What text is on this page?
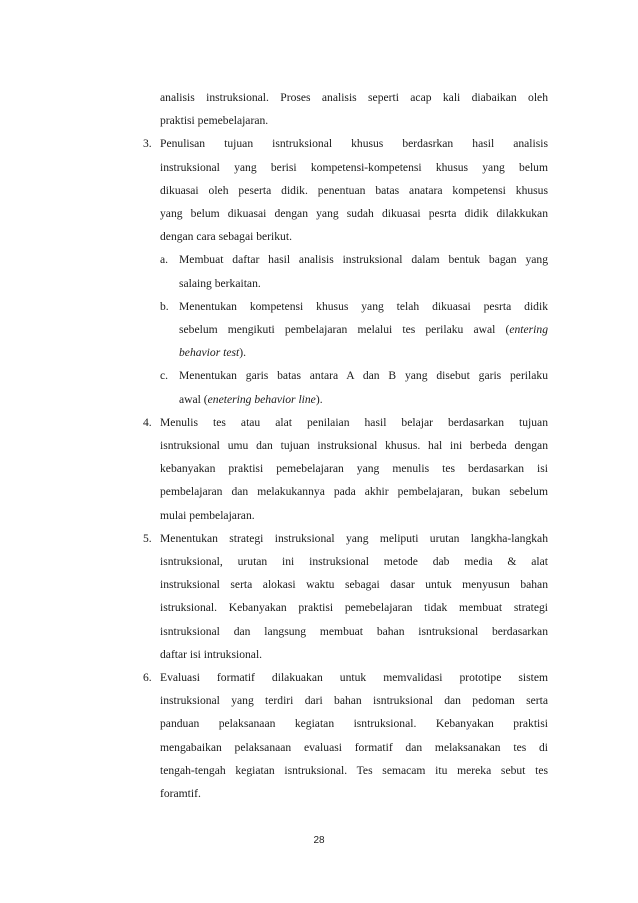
analisis instruksional. Proses analisis seperti acap kali diabaikan oleh
praktisi pemebelajaran.
3. Penulisan tujuan isntruksional khusus berdasrkan hasil analisis
instruksional yang berisi kompetensi-kompetensi khusus yang belum
dikuasai oleh peserta didik. penentuan batas anatara kompetensi khusus
yang belum dikuasai dengan yang sudah dikuasai pesrta didik dilakkukan
dengan cara sebagai berikut.
a. Membuat daftar hasil analisis instruksional dalam bentuk bagan yang
salaing berkaitan.
b. Menentukan kompetensi khusus yang telah dikuasai pesrta didik
sebelum mengikuti pembelajaran melalui tes perilaku awal (entering
behavior test).
c. Menentukan garis batas antara A dan B yang disebut garis perilaku
awal (enetering behavior line).
4. Menulis tes atau alat penilaian hasil belajar berdasarkan tujuan
isntruksional umu dan tujuan instruksional khusus. hal ini berbeda dengan
kebanyakan praktisi pemebelajaran yang menulis tes berdasarkan isi
pembelajaran dan melakukannya pada akhir pembelajaran, bukan sebelum
mulai pembelajaran.
5. Menentukan strategi instruksional yang meliputi urutan langkha-langkah
isntruksional, urutan ini instruksional metode dab media & alat
instruksional serta alokasi waktu sebagai dasar untuk menyusun bahan
istruksional. Kebanyakan praktisi pemebelajaran tidak membuat strategi
isntruksional dan langsung membuat bahan isntruksional berdasarkan
daftar isi intruksional.
6. Evaluasi formatif dilakuakan untuk memvalidasi prototipe sistem
instruksional yang terdiri dari bahan isntruksional dan pedoman serta
panduan pelaksanaan kegiatan isntruksional. Kebanyakan praktisi
mengabaikan pelaksanaan evaluasi formatif dan melaksanakan tes di
tengah-tengah kegiatan isntruksional. Tes semacam itu mereka sebut tes
foramtif.
28
